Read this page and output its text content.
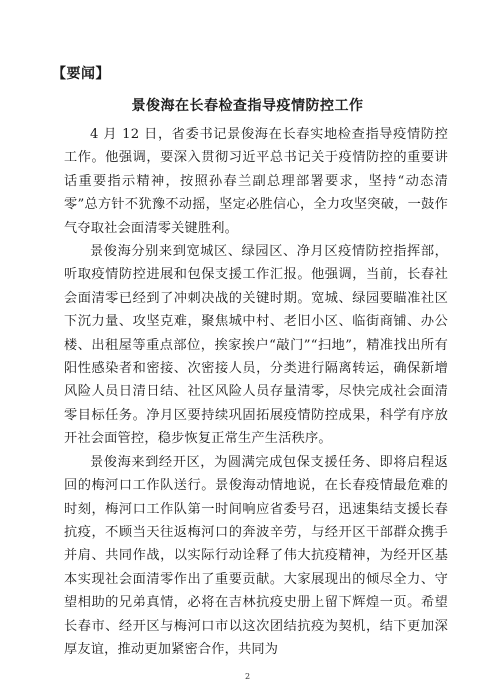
【要闻】
景俊海在长春检查指导疫情防控工作

4 月 12 日，省委书记景俊海在长春实地检查指导疫情防控工作。他强调，要深入贯彻习近平总书记关于疫情防控的重要讲话重要指示精神，按照孙春兰副总理部署要求，坚持“动态清零”总方针不犹豫不动摇，坚定必胜信心，全力攻坚突破，一鼓作气夺取社会面清零关键胜利。

景俊海分别来到宽城区、绿园区、净月区疫情防控指挥部，听取疫情防控进展和包保支援工作汇报。他强调，当前，长春社会面清零已经到了冲刺决战的关键时期。宽城、绿园要瞄准社区下沉力量、攻坚克难，聚焦城中村、老旧小区、临街商铺、办公楼、出租屋等重点部位，挨家挨户“敲门”“扫地”，精准找出所有阳性感染者和密接、次密接人员，分类进行隔离转运，确保新增风险人员日清日结、社区风险人员存量清零，尽快完成社会面清零目标任务。净月区要持续巩固拓展疫情防控成果，科学有序放开社会面管控，稳步恢复正常生产生活秩序。

景俊海来到经开区，为圆满完成包保支援任务、即将启程返回的梅河口工作队送行。景俊海动情地说，在长春疫情最危难的时刻，梅河口工作队第一时间响应省委号召，迅速集结支援长春抗疫，不顾当天往返梅河口的奔波辛劳，与经开区干部群众携手并肩、共同作战，以实际行动诠释了伟大抗疫精神，为经开区基本实现社会面清零作出了重要贡献。大家展现出的倾尽全力、守望相助的兄弟真情，必将在吉林抗疫史册上留下辉煌一页。希望长春市、经开区与梅河口市以这次团结抗疫为契机，结下更加深厚友谊，推动更加紧密合作，共同为

2
